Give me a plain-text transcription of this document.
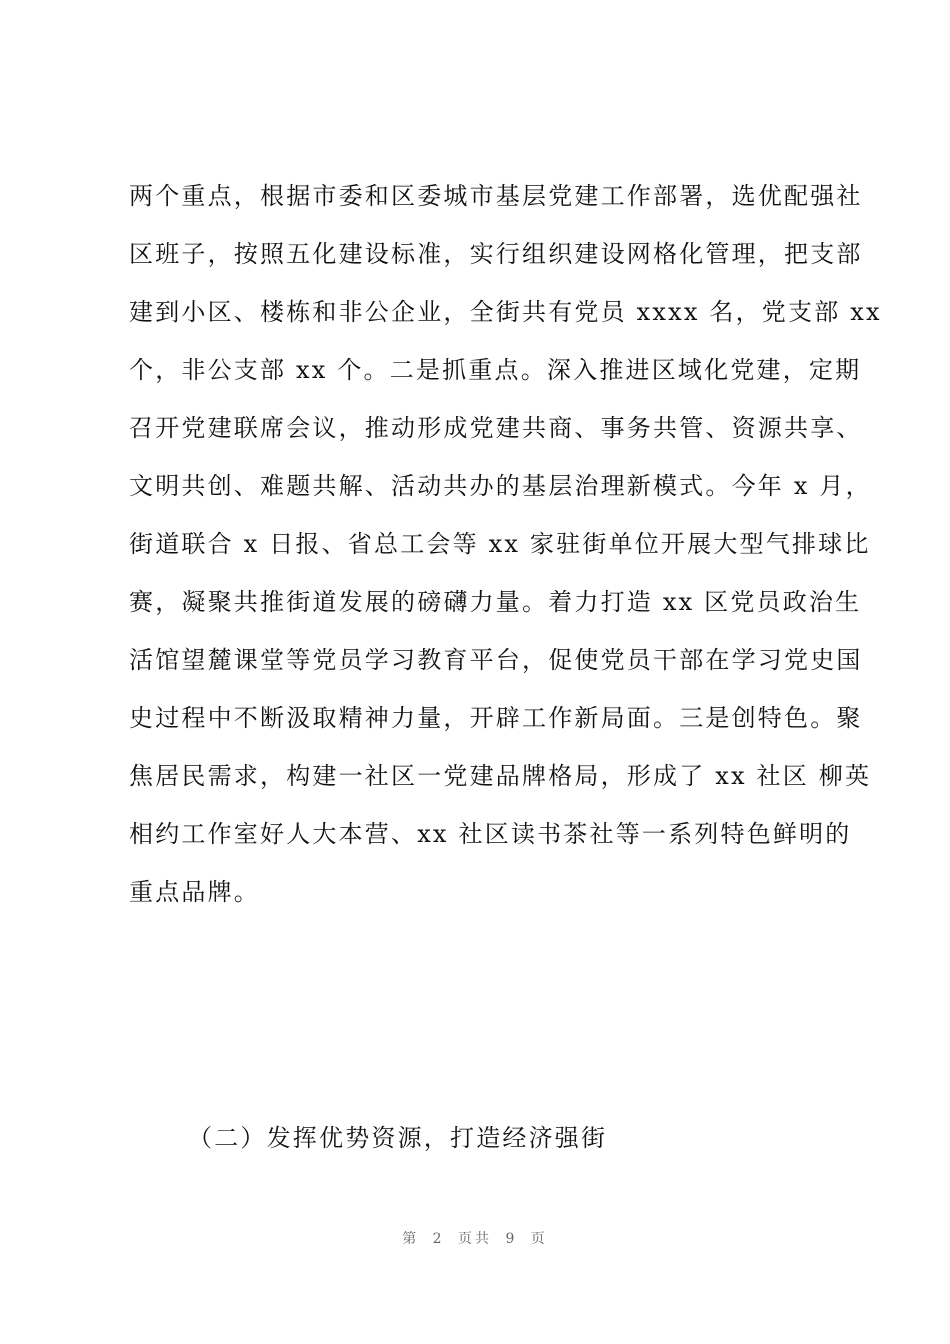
两个重点，根据市委和区委城市基层党建工作部署，选优配强社
区班子，按照五化建设标准，实行组织建设网格化管理，把支部
建到小区、楼栋和非公企业，全街共有党员 xxxx 名，党支部 xx
个，非公支部 xx 个。二是抓重点。深入推进区域化党建，定期
召开党建联席会议，推动形成党建共商、事务共管、资源共享、
文明共创、难题共解、活动共办的基层治理新模式。今年 x 月，
街道联合 x 日报、省总工会等 xx 家驻街单位开展大型气排球比
赛，凝聚共推街道发展的磅礴力量。着力打造 xx 区党员政治生
活馆望麓课堂等党员学习教育平台，促使党员干部在学习党史国
史过程中不断汲取精神力量，开辟工作新局面。三是创特色。聚
焦居民需求，构建一社区一党建品牌格局，形成了 xx 社区 柳英
相约工作室好人大本营、xx 社区读书茶社等一系列特色鲜明的
重点品牌。
（二）发挥优势资源，打造经济强街
第 2 页共 9 页
